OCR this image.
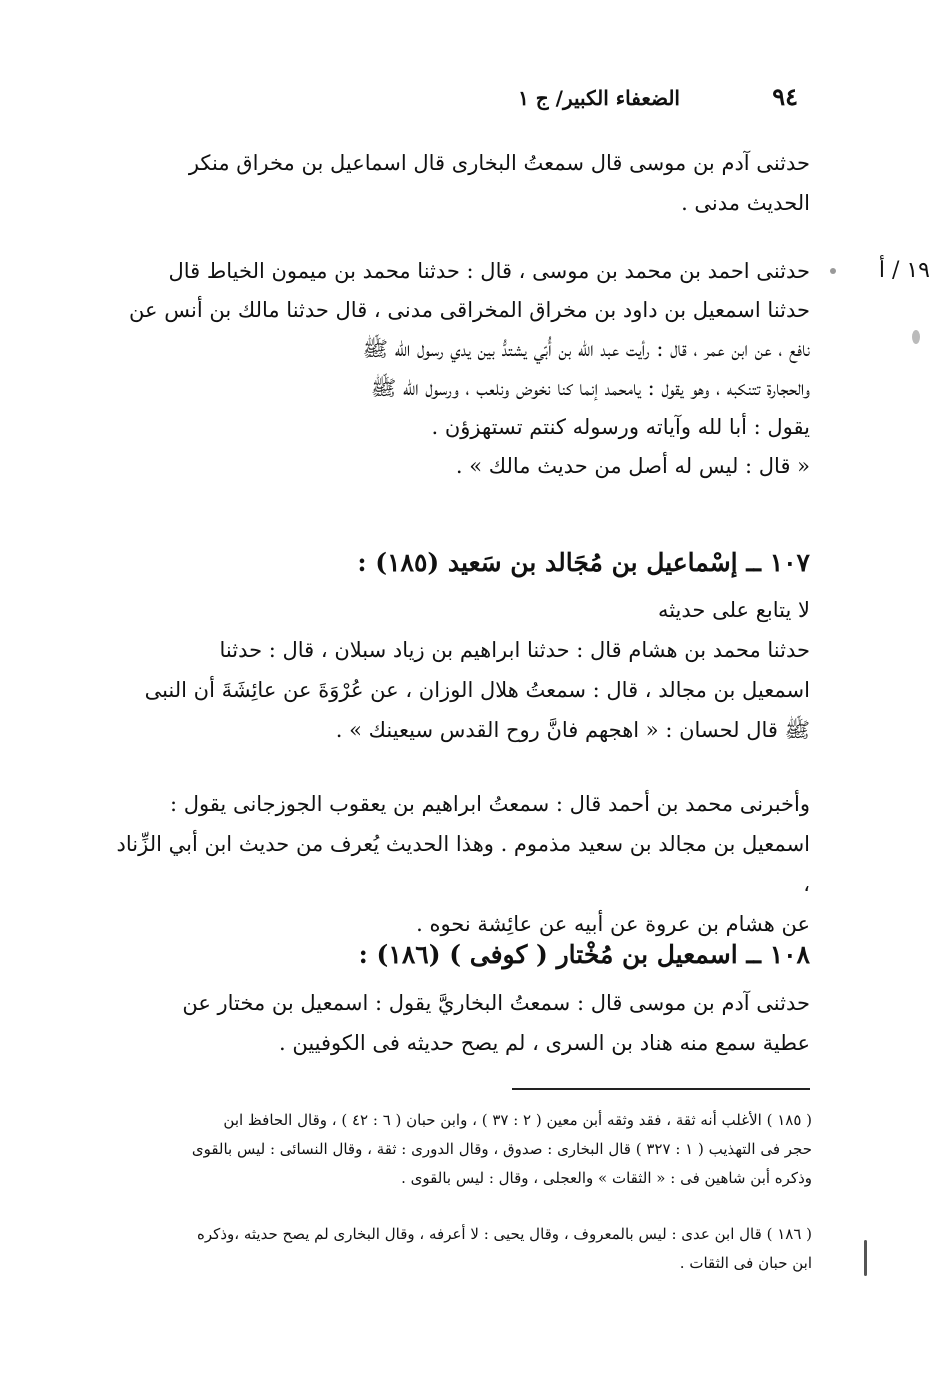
٩٤
الضعفاء الكبير/ ج ١
١٩ / أ

حدثنى آدم بن موسى قال سمعتُ البخارى قال اسماعيل بن مخراق منكر

الحديث مدنى .

حدثنى احمد بن محمد بن موسى ، قال : حدثنا محمد بن ميمون الخياط قال

حدثنا اسمعيل بن داود بن مخراق المخراقى مدنى ، قال حدثنا مالك بن أنس عن

نافع ، عن ابن عمر ، قال : رأيت عبد الله بن أُبّي يشتدُّ بين يدي رسول الله ﷺ

والحجارة تتنكبه ، وهو يقول : يامحمد إنما كنا نخوض ونلعب ، ورسول الله ﷺ

يقول : أبا لله وآياته ورسوله كنتم تستهزؤن .

« قال : ليس له أصل من حديث مالك » .

١٠٧ ــ إسْماعيل بن مُجَالد بن سَعيد (١٨٥) :

لا يتابع على حديثه

حدثنا محمد بن هشام قال : حدثنا ابراهيم بن زياد سبلان ، قال : حدثنا

اسمعيل بن مجالد ، قال : سمعتُ هلال الوزان ، عن عُرْوَةَ عن عائِشَةَ أن النبى

ﷺ قال لحسان : « اهجهم فانَّ روح القدس سيعينك » .

وأخبرنى محمد بن أحمد قال : سمعتُ ابراهيم بن يعقوب الجوزجانى يقول :

اسمعيل بن مجالد بن سعيد مذموم . وهذا الحديث يُعرف من حديث ابن أبي الزِّناد ،

عن هشام بن عروة عن أبيه عن عائِشة نحوه .

١٠٨ ــ اسمعيل بن مُخْتار ( كوفى ) (١٨٦) :

حدثنى آدم بن موسى قال : سمعتُ البخاريَّ يقول : اسمعيل بن مختار عن

عطية سمع منه هناد بن السرى ، لم يصح حديثه فى الكوفيين .

( ١٨٥ ) الأغلب أنه ثقة ، فقد وثقه أبن معين ( ٢ : ٣٧ ) ، وابن حبان ( ٦ : ٤٢ ) ، وقال الحافظ ابن

حجر فى التهذيب ( ١ : ٣٢٧ ) قال البخارى : صدوق ، وقال الدورى : ثقة ، وقال النسائى : ليس بالقوى

وذكره أبن شاهين فى : « الثقات » والعجلى ، وقال : ليس بالقوى .

( ١٨٦ ) قال ابن عدى : ليس بالمعروف ، وقال يحيى : لا أعرفه ، وقال البخارى لم يصح حديثه ،وذكره

ابن حبان فى الثقات .
